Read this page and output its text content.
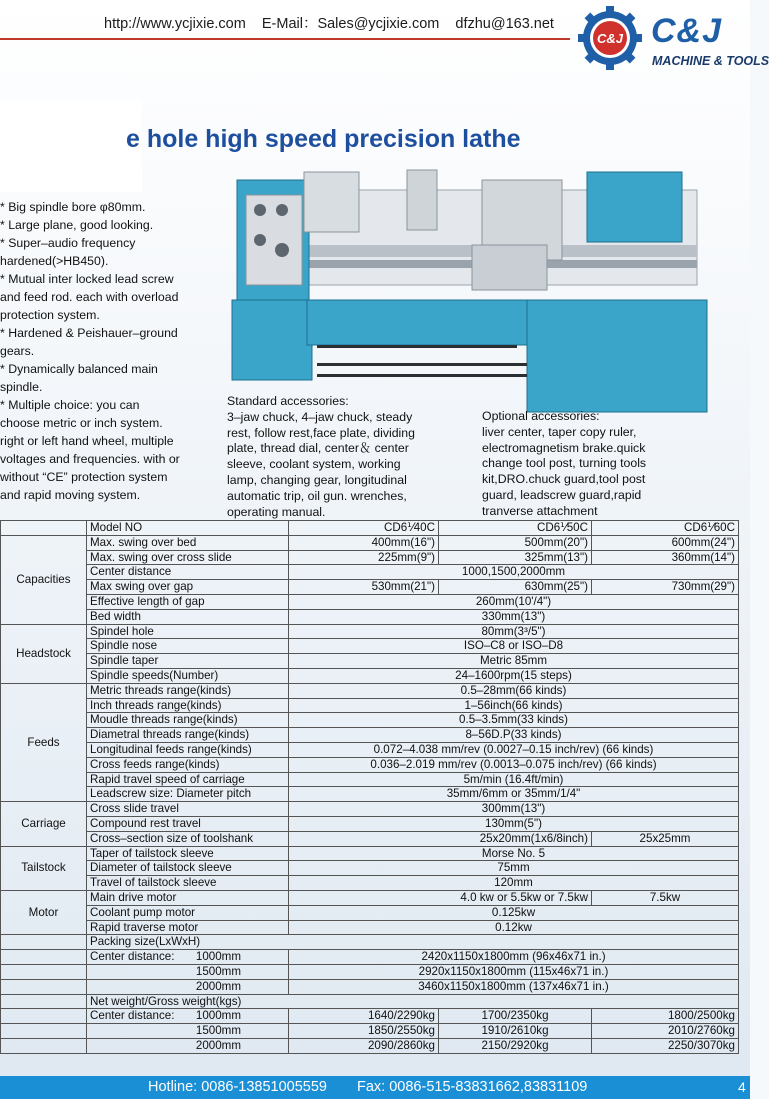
http://www.ycjixie.com E-Mail：Sales@ycjixie.com dfzhu@163.net
C&J C&J
MACHINE & TOOLS
e hole high speed precision lathe
* Big spindle bore φ80mm.
* Large plane, good looking.
* Super–audio frequency hardened(>HB450).
* Mutual inter locked lead screw and feed rod. each with overload protection system.
* Hardened & Peishauer–ground gears.
* Dynamically balanced main spindle.
* Multiple choice: you can choose metric or inch system. right or left hand wheel, multiple voltages and frequencies. with or without “CE” protection system and rapid moving system.
Standard accessories:
3–jaw chuck, 4–jaw chuck, steady rest, follow rest,face plate, dividing plate, thread dial, center＆ center sleeve, coolant system, working lamp, changing gear, longitudinal automatic trip, oil gun. wrenches, operating manual.
Optional accessories:
liver center, taper copy ruler, electromagnetism brake.quick change tool post, turning tools kit,DRO.chuck guard,tool post guard, leadscrew guard,rapid tranverse attachment
	Model NO	CD6⅟40C	CD6⅟50C	CD6⅟60C
Capacities	Max. swing over bed	400mm(16")	500mm(20")	600mm(24")
	Max. swing over cross slide	225mm(9")	325mm(13")	360mm(14")
	Center distance	1000,1500,2000mm		
	Max swing over gap	530mm(21")	630mm(25")	730mm(29")
	Effective length of gap	260mm(10'/4")		
	Bed width	330mm(13")		
Headstock	Spindel hole	80mm(3³/5")		
	Spindle nose	ISO–C8 or ISO–D8		
	Spindle taper	Metric 85mm		
	Spindle speeds(Number)	24–1600rpm(15 steps)		
Feeds	Metric threads range(kinds)	0.5–28mm(66 kinds)		
	Inch threads range(kinds)	1–56inch(66 kinds)		
	Moudle threads range(kinds)	0.5–3.5mm(33 kinds)		
	Diametral threads range(kinds)	8–56D.P(33 kinds)		
	Longitudinal feeds range(kinds)	0.072–4.038 mm/rev (0.0027–0.15 inch/rev) (66 kinds)		
	Cross feeds range(kinds)	0.036–2.019 mm/rev (0.0013–0.075 inch/rev) (66 kinds)		
	Rapid travel speed of carriage	5m/min (16.4ft/min)		
	Leadscrew size: Diameter pitch	35mm/6mm or 35mm/1/4"		
Carriage	Cross slide travel	300mm(13")		
	Compound rest travel	130mm(5")		
	Cross–section size of toolshank	25x20mm(1x6/8inch)		25x25mm
Tailstock	Taper of tailstock sleeve	Morse No. 5		
	Diameter of tailstock sleeve	75mm		
	Travel of tailstock sleeve	120mm		
Motor	Main drive motor	4.0 kw or 5.5kw or 7.5kw		7.5kw
	Coolant pump motor	0.125kw		
	Rapid traverse motor	0.12kw		
	Packing size(LxWxH)			
	Center distance: 1000mm	2420x1150x1800mm (96x46x71 in.)		
	1500mm	2920x1150x1800mm (115x46x71 in.)		
	2000mm	3460x1150x1800mm (137x46x71 in.)		
	Net weight/Gross weight(kgs)			
	Center distance: 1000mm	1640/2290kg	1700/2350kg	1800/2500kg
	1500mm	1850/2550kg	1910/2610kg	2010/2760kg
	2000mm	2090/2860kg	2150/2920kg	2250/3070kg
Hotline: 0086-13851005559 Fax: 0086-515-83831662,83831109	4
